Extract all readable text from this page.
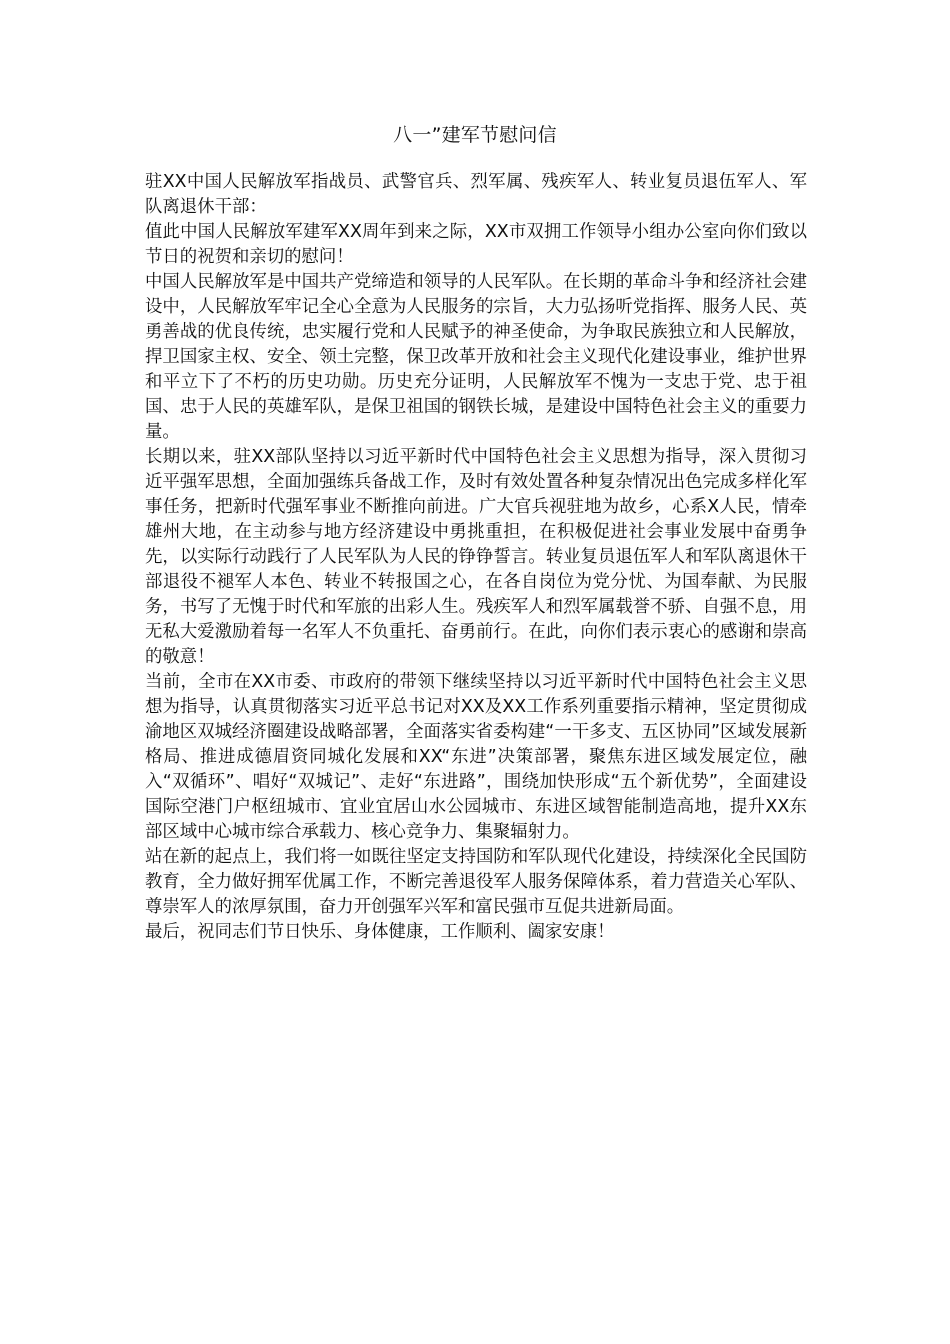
八一”建军节慰问信

驻XX中国人民解放军指战员、武警官兵、烈军属、残疾军人、转业复员退伍军人、军队离退休干部：

值此中国人民解放军建军XX周年到来之际，XX市双拥工作领导小组办公室向你们致以节日的祝贺和亲切的慰问！

中国人民解放军是中国共产党缔造和领导的人民军队。在长期的革命斗争和经济社会建设中，人民解放军牢记全心全意为人民服务的宗旨，大力弘扬听党指挥、服务人民、英勇善战的优良传统，忠实履行党和人民赋予的神圣使命，为争取民族独立和人民解放，捍卫国家主权、安全、领土完整，保卫改革开放和社会主义现代化建设事业，维护世界和平立下了不朽的历史功勋。历史充分证明，人民解放军不愧为一支忠于党、忠于祖国、忠于人民的英雄军队，是保卫祖国的钢铁长城，是建设中国特色社会主义的重要力量。

长期以来，驻XX部队坚持以习近平新时代中国特色社会主义思想为指导，深入贯彻习近平强军思想，全面加强练兵备战工作，及时有效处置各种复杂情况出色完成多样化军事任务，把新时代强军事业不断推向前进。广大官兵视驻地为故乡，心系X人民，情牵雄州大地，在主动参与地方经济建设中勇挑重担，在积极促进社会事业发展中奋勇争先，以实际行动践行了人民军队为人民的铮铮誓言。转业复员退伍军人和军队离退休干部退役不褪军人本色、转业不转报国之心，在各自岗位为党分忧、为国奉献、为民服务，书写了无愧于时代和军旅的出彩人生。残疾军人和烈军属载誉不骄、自强不息，用无私大爱激励着每一名军人不负重托、奋勇前行。在此，向你们表示衷心的感谢和崇高的敬意！

当前，全市在XX市委、市政府的带领下继续坚持以习近平新时代中国特色社会主义思想为指导，认真贯彻落实习近平总书记对XX及XX工作系列重要指示精神，坚定贯彻成渝地区双城经济圈建设战略部署，全面落实省委构建“一干多支、五区协同”区域发展新格局、推进成德眉资同城化发展和XX“东进”决策部署，聚焦东进区域发展定位，融入“双循环”、唱好“双城记”、走好“东进路”，围绕加快形成“五个新优势”，全面建设国际空港门户枢纽城市、宜业宜居山水公园城市、东进区域智能制造高地，提升XX东部区域中心城市综合承载力、核心竞争力、集聚辐射力。

站在新的起点上，我们将一如既往坚定支持国防和军队现代化建设，持续深化全民国防教育，全力做好拥军优属工作，不断完善退役军人服务保障体系，着力营造关心军队、尊崇军人的浓厚氛围，奋力开创强军兴军和富民强市互促共进新局面。

最后，祝同志们节日快乐、身体健康，工作顺利、阖家安康！
